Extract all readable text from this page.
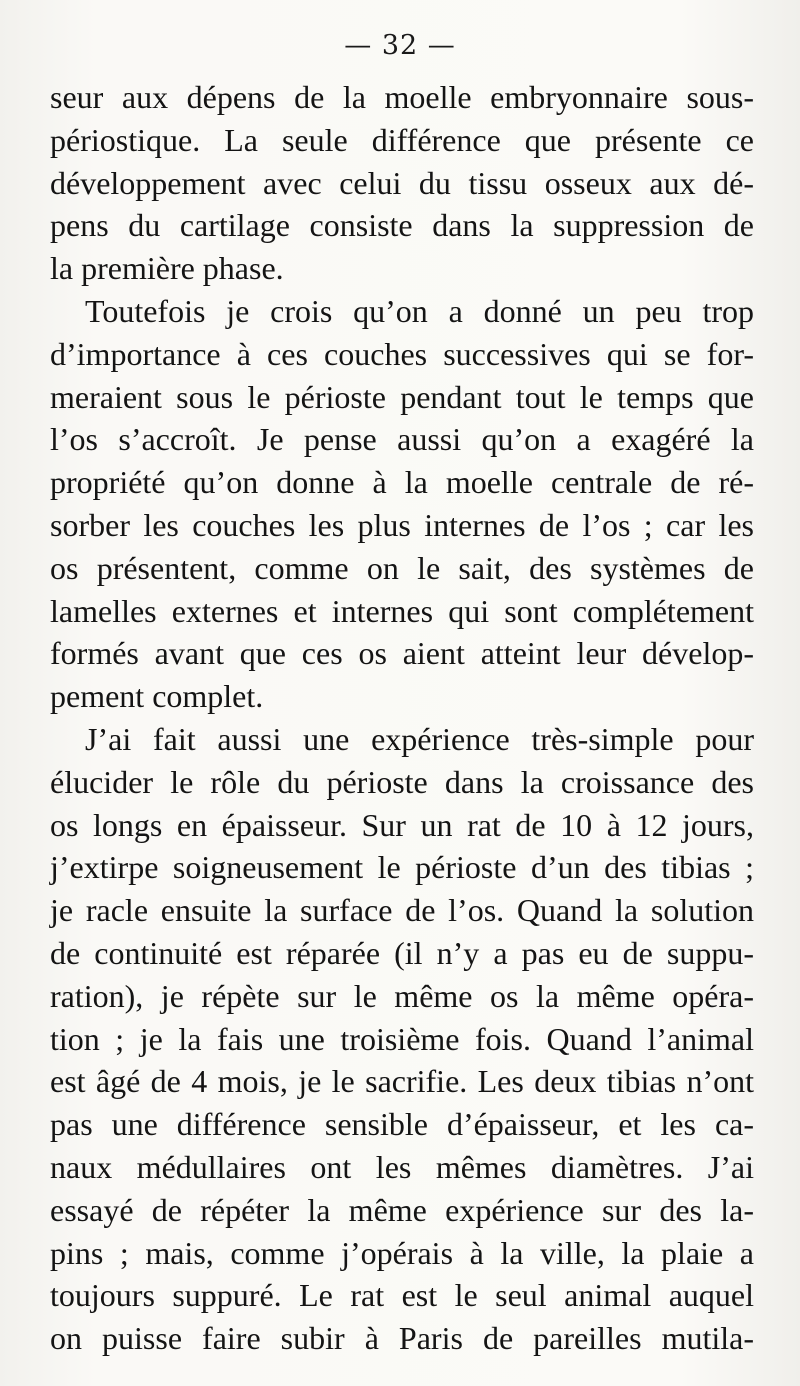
— 32 —
seur aux dépens de la moelle embryonnaire sous-
périostique. La seule différence que présente ce
développement avec celui du tissu osseux aux dé-
pens du cartilage consiste dans la suppression de
la première phase.
Toutefois je crois qu’on a donné un peu trop
d’importance à ces couches successives qui se for-
meraient sous le périoste pendant tout le temps que
l’os s’accroît. Je pense aussi qu’on a exagéré la
propriété qu’on donne à la moelle centrale de ré-
sorber les couches les plus internes de l’os ; car les
os présentent, comme on le sait, des systèmes de
lamelles externes et internes qui sont complétement
formés avant que ces os aient atteint leur dévelop-
pement complet.
J’ai fait aussi une expérience très-simple pour
élucider le rôle du périoste dans la croissance des
os longs en épaisseur. Sur un rat de 10 à 12 jours,
j’extirpe soigneusement le périoste d’un des tibias ;
je racle ensuite la surface de l’os. Quand la solution
de continuité est réparée (il n’y a pas eu de suppu-
ration), je répète sur le même os la même opéra-
tion ; je la fais une troisième fois. Quand l’animal
est âgé de 4 mois, je le sacrifie. Les deux tibias n’ont
pas une différence sensible d’épaisseur, et les ca-
naux médullaires ont les mêmes diamètres. J’ai
essayé de répéter la même expérience sur des la-
pins ; mais, comme j’opérais à la ville, la plaie a
toujours suppuré. Le rat est le seul animal auquel
on puisse faire subir à Paris de pareilles mutila-
